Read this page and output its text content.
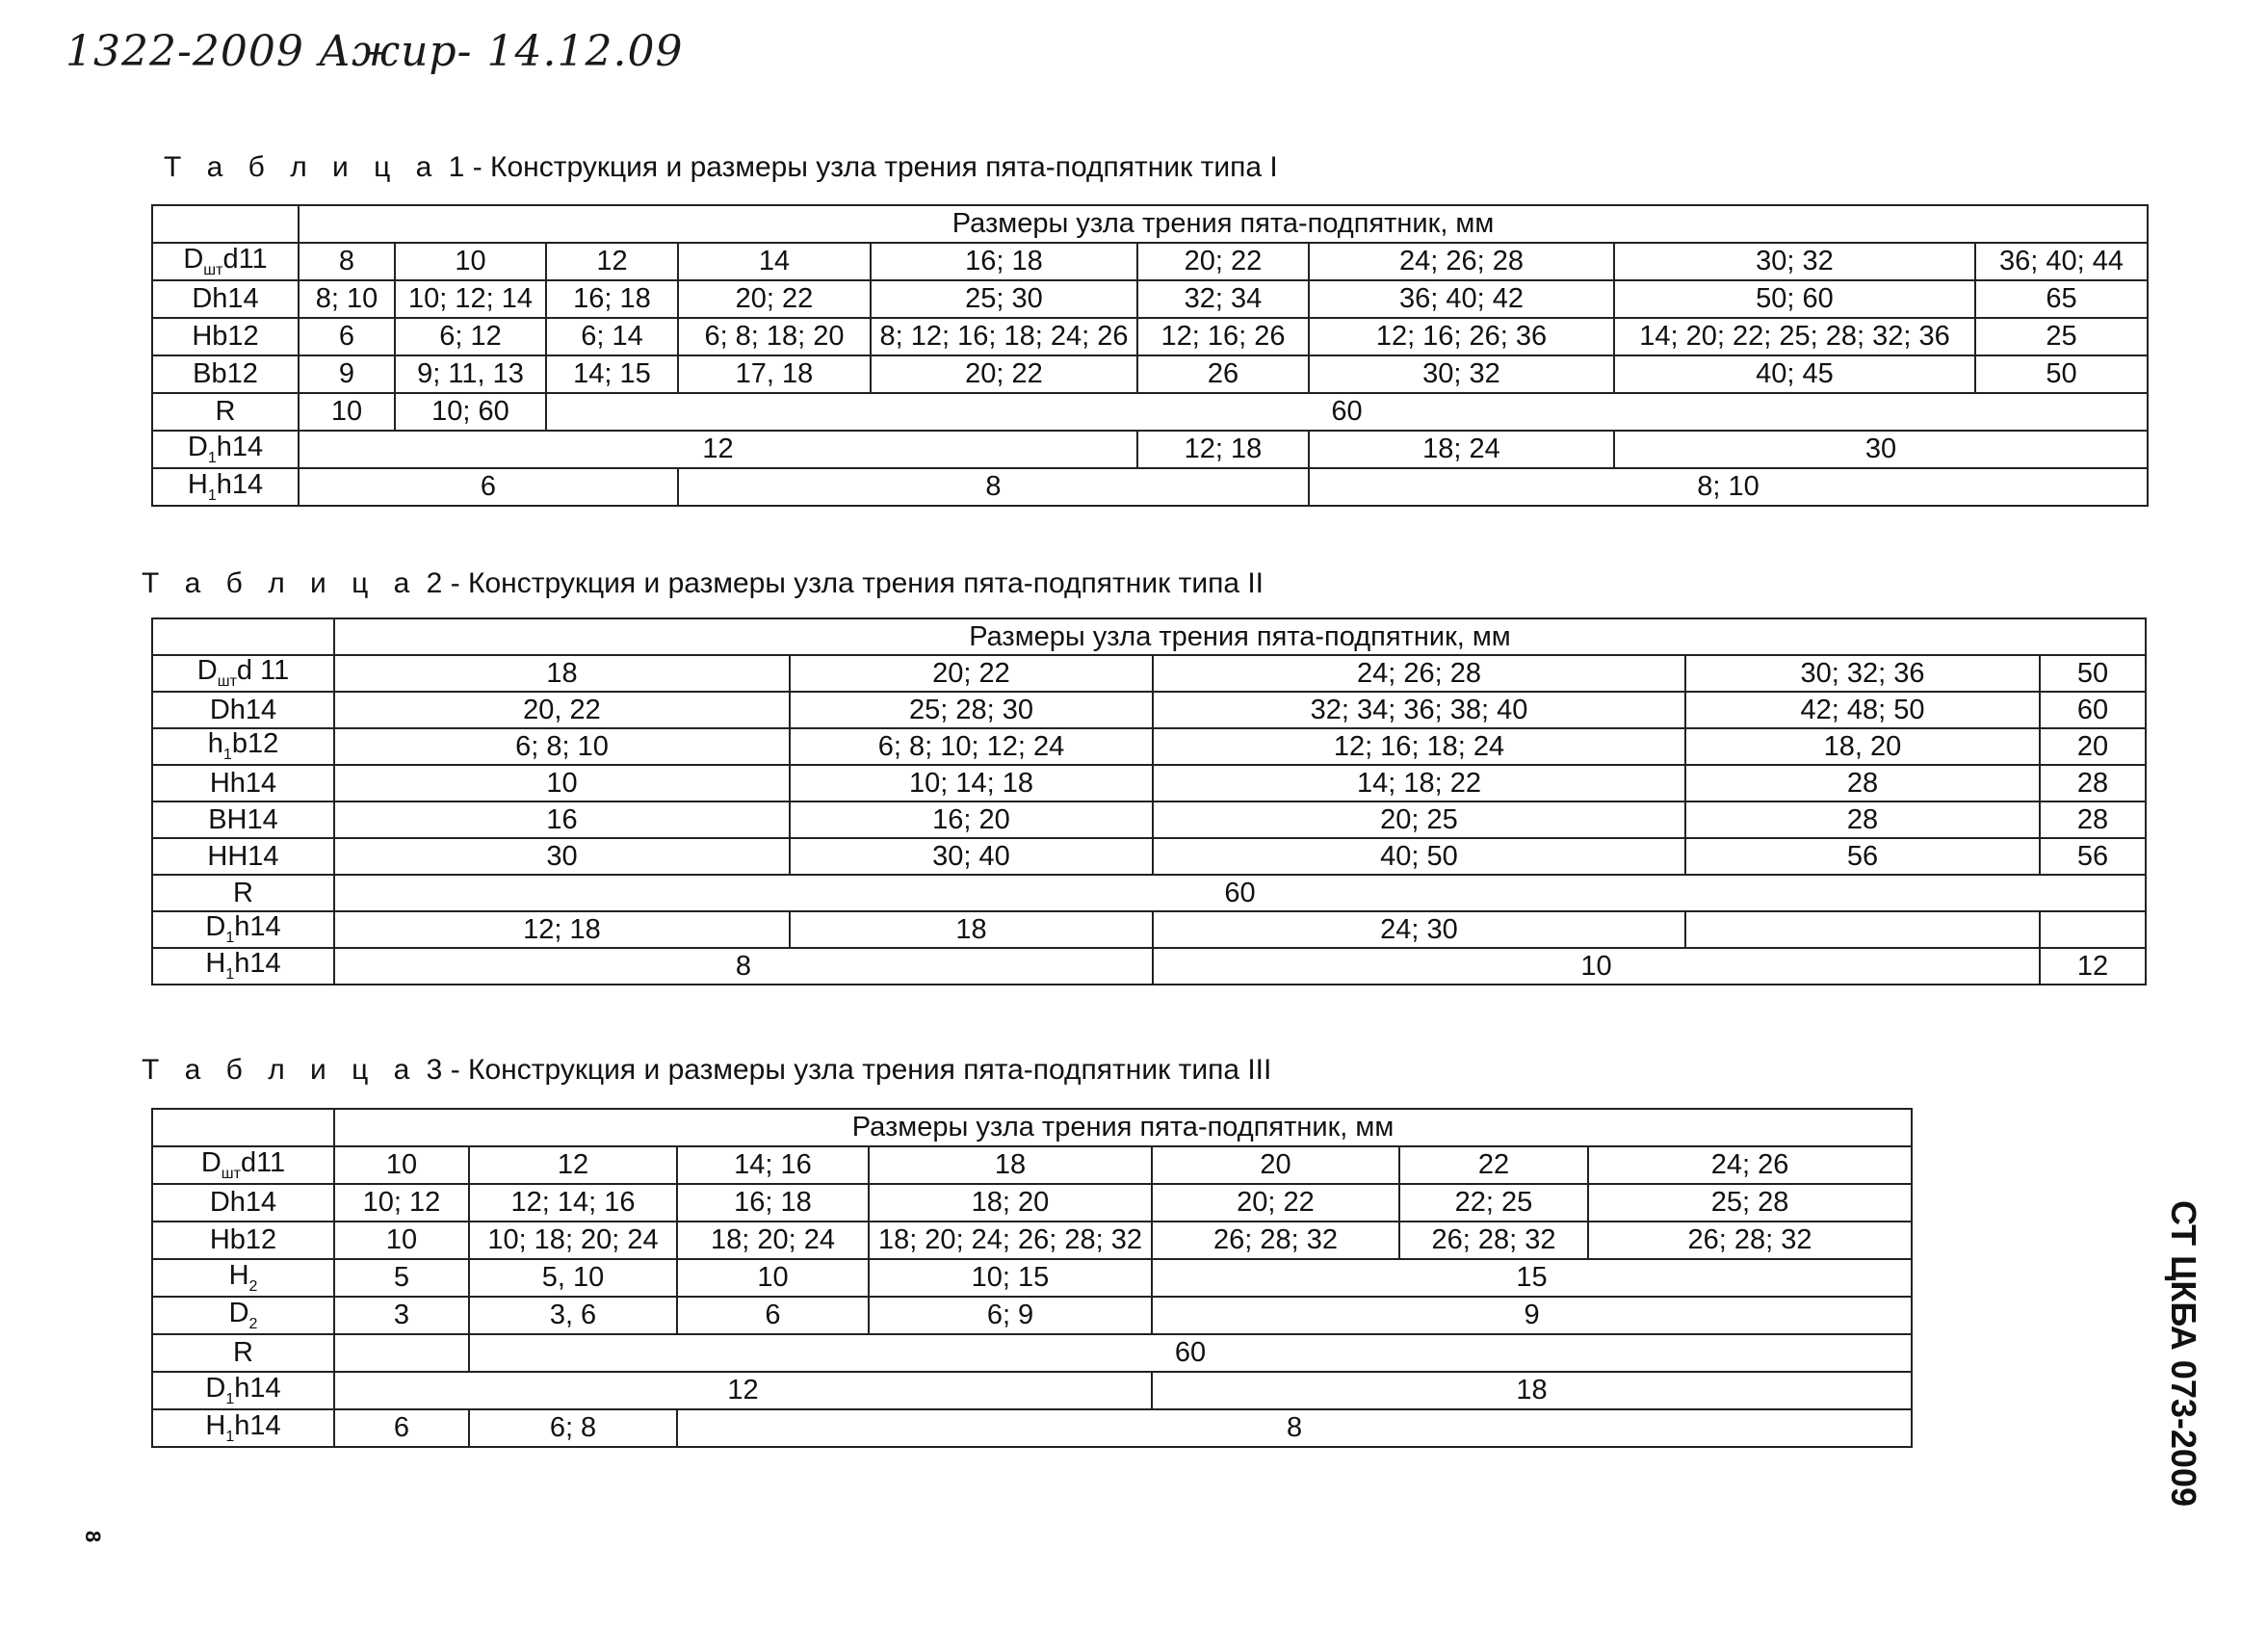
1322-2009 Ажир- 14.12.09
Т а б л и ц а 1 - Конструкция и размеры узла трения пята-подпятник типа I
	Размеры узла трения пята-подпятник, мм								
$D_{шт}d11$	8	10	12	14	16; 18	20; 22	24; 26; 28	30; 32	36; 40; 44
Dh14	8; 10	10; 12; 14	16; 18	20; 22	25; 30	32; 34	36; 40; 42	50; 60	65
Hb12	6	6; 12	6; 14	6; 8; 18; 20	8; 12; 16; 18; 24; 26	12; 16; 26	12; 16; 26; 36	14; 20; 22; 25; 28; 32; 36	25
Bb12	9	9; 11, 13	14; 15	17, 18	20; 22	26	30; 32	40; 45	50
R	10	10; 60	60						
$D_1h14$	12					12; 18	18; 24	30	
$H_1h14$	6			8			8; 10		
Т а б л и ц а 2 - Конструкция и размеры узла трения пята-подпятник типа II
	Размеры узла трения пята-подпятник, мм				
$D_{шт}d$ 11	18	20; 22	24; 26; 28	30; 32; 36	50
Dh14	20, 22	25; 28; 30	32; 34; 36; 38; 40	42; 48; 50	60
$h_1b12$	6; 8; 10	6; 8; 10; 12; 24	12; 16; 18; 24	18, 20	20
Hh14	10	10; 14; 18	14; 18; 22	28	28
BH14	16	16; 20	20; 25	28	28
HH14	30	30; 40	40; 50	56	56
R	60				
$D_1h14$	12; 18	18	24; 30		
$H_1h14$	8		10		12
Т а б л и ц а 3 - Конструкция и размеры узла трения пята-подпятник типа III
	Размеры узла трения пята-подпятник, мм						
$D_{шт}d11$	10	12	14; 16	18	20	22	24; 26
Dh14	10; 12	12; 14; 16	16; 18	18; 20	20; 22	22; 25	25; 28
Hb12	10	10; 18; 20; 24	18; 20; 24	18; 20; 24; 26; 28; 32	26; 28; 32	26; 28; 32	26; 28; 32
$H_2$	5	5, 10	10	10; 15	15		
$D_2$	3	3, 6	6	6; 9	9		
R		60					
$D_1h14$	12				18		
$H_1h14$	6	6; 8	8					СТ ЦКБА 073-2009
8
